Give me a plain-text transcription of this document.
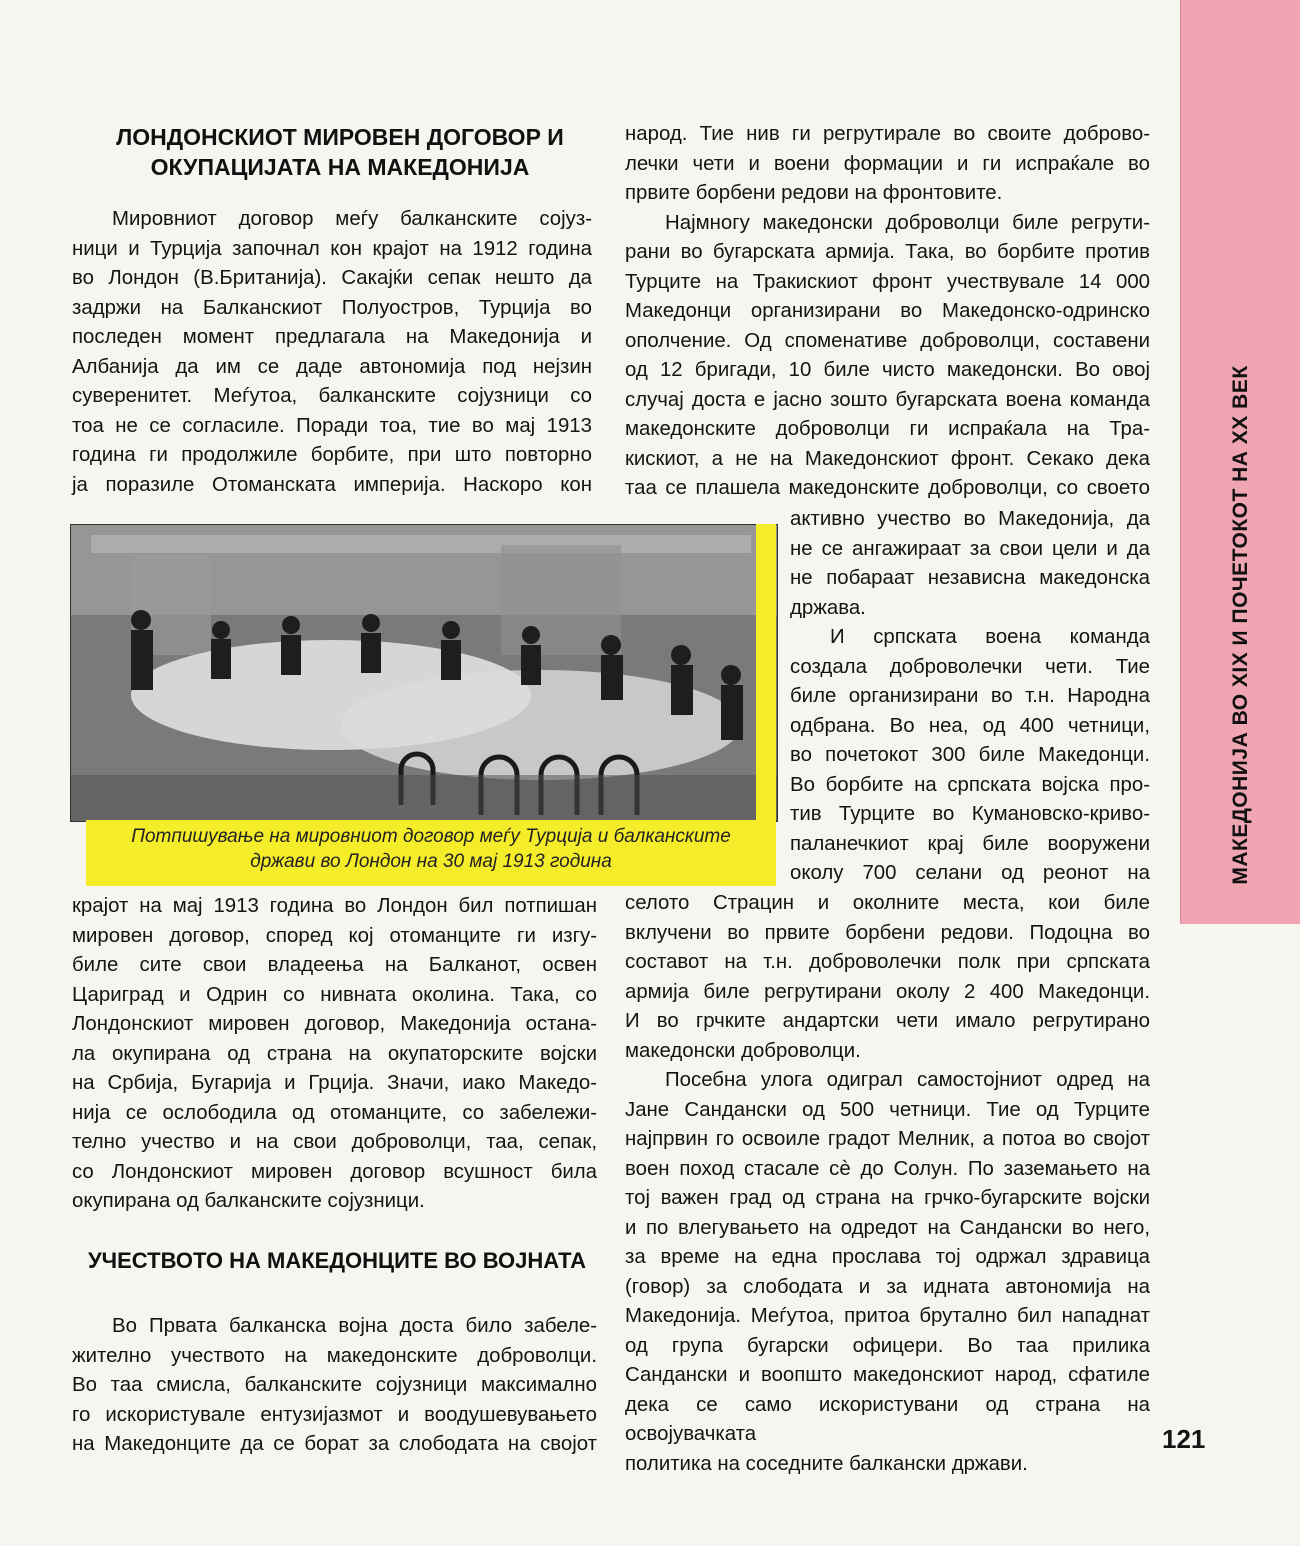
МАКЕДОНИЈА ВО XIX И ПОЧЕТОКОТ НА XX ВЕК
ЛОНДОНСКИОТ МИРОВЕН ДОГОВОР И
ОКУПАЦИЈАТА НА МАКЕДОНИЈА
Мировниот договор меѓу балканските сојуз-
ници и Турција започнал кон крајот на 1912 година
во Лондон (В.Британија). Сакајќи сепак нешто да
задржи на Балканскиот Полуостров, Турција во
последен момент предлагала на Македонија и
Албанија да им се даде автономија под нејзин
суверенитет. Меѓутоа, балканските сојузници со
тоа не се согласиле. Поради тоа, тие во мај 1913
година ги продолжиле борбите, при што повторно
ја поразиле Отоманската империја. Наскоро кон
Потпишување на мировниот договор меѓу Турција и балканските
држави во Лондон на 30 мај 1913 година
крајот на мај 1913 година во Лондон бил потпишан
мировен договор, според кој отоманците ги изгу-
биле сите свои владеења на Балканот, освен
Цариград и Одрин со нивната околина. Така, со
Лондонскиот мировен договор, Македонија остана-
ла окупирана од страна на окупаторските војски
на Србија, Бугарија и Грција. Значи, иако Македо-
нија се ослободила од отоманците, со забележи-
телно учество и на свои доброволци, таа, сепак,
со Лондонскиот мировен договор всушност била
окупирана од балканските сојузници.
УЧЕСТВОТО НА МАКЕДОНЦИТЕ ВО ВОЈНАТА
Во Првата балканска војна доста било забеле-
жително учеството на македонските доброволци.
Во таа смисла, балканските сојузници максимално
го искористувале ентузијазмот и воодушевувањето
на Македонците да се борат за слободата на својот
народ. Тие нив ги регрутирале во своите доброво-
лечки чети и воени формации и ги испраќале во
првите борбени редови на фронтовите.
Најмногу македонски доброволци биле регрути-
рани во бугарската армија. Така, во борбите против
Турците на Тракискиот фронт учествувале 14 000
Македонци организирани во Македонско-одринско
ополчение. Од споменативе доброволци, составени
од 12 бригади, 10 биле чисто македонски. Во овој
случај доста е јасно зошто бугарската воена команда
македонските доброволци ги испраќала на Тра-
кискиот, а не на Македонскиот фронт. Секако дека
таа се плашела македонските доброволци, со своето
активно учество во Македонија, да
не се ангажираат за свои цели и да
не побараат независна македонска
држава.
И српската воена команда
создала доброволечки чети. Тие
биле организирани во т.н. Народна
одбрана. Во неа, од 400 четници,
во почетокот 300 биле Македонци.
Во борбите на српската војска про-
тив Турците во Кумановско-криво-
паланечкиот крај биле вооружени
околу 700 селани од реонот на
селото Страцин и околните места, кои биле
вклучени во првите борбени редови. Подоцна во
составот на т.н. доброволечки полк при српската
армија биле регрутирани околу 2 400 Македонци.
И во грчките андартски чети имало регрутирано
македонски доброволци.
Посебна улога одиграл самостојниот одред на
Јане Сандански од 500 четници. Тие од Турците
најпрвин го освоиле градот Мелник, а потоа во својот
воен поход стасале сè до Солун. По заземањето на
тој важен град од страна на грчко-бугарските војски
и по влегувањето на одредот на Сандански во него,
за време на една прослава тој одржал здравица
(говор) за слободата и за идната автономија на
Македонија. Меѓутоа, притоа брутално бил нападнат
од група бугарски офицери. Во таа прилика
Сандански и воопшто македонскиот народ, сфатиле
дека се само искористувани од страна на освојувачката
политика на соседните балкански држави.
121
